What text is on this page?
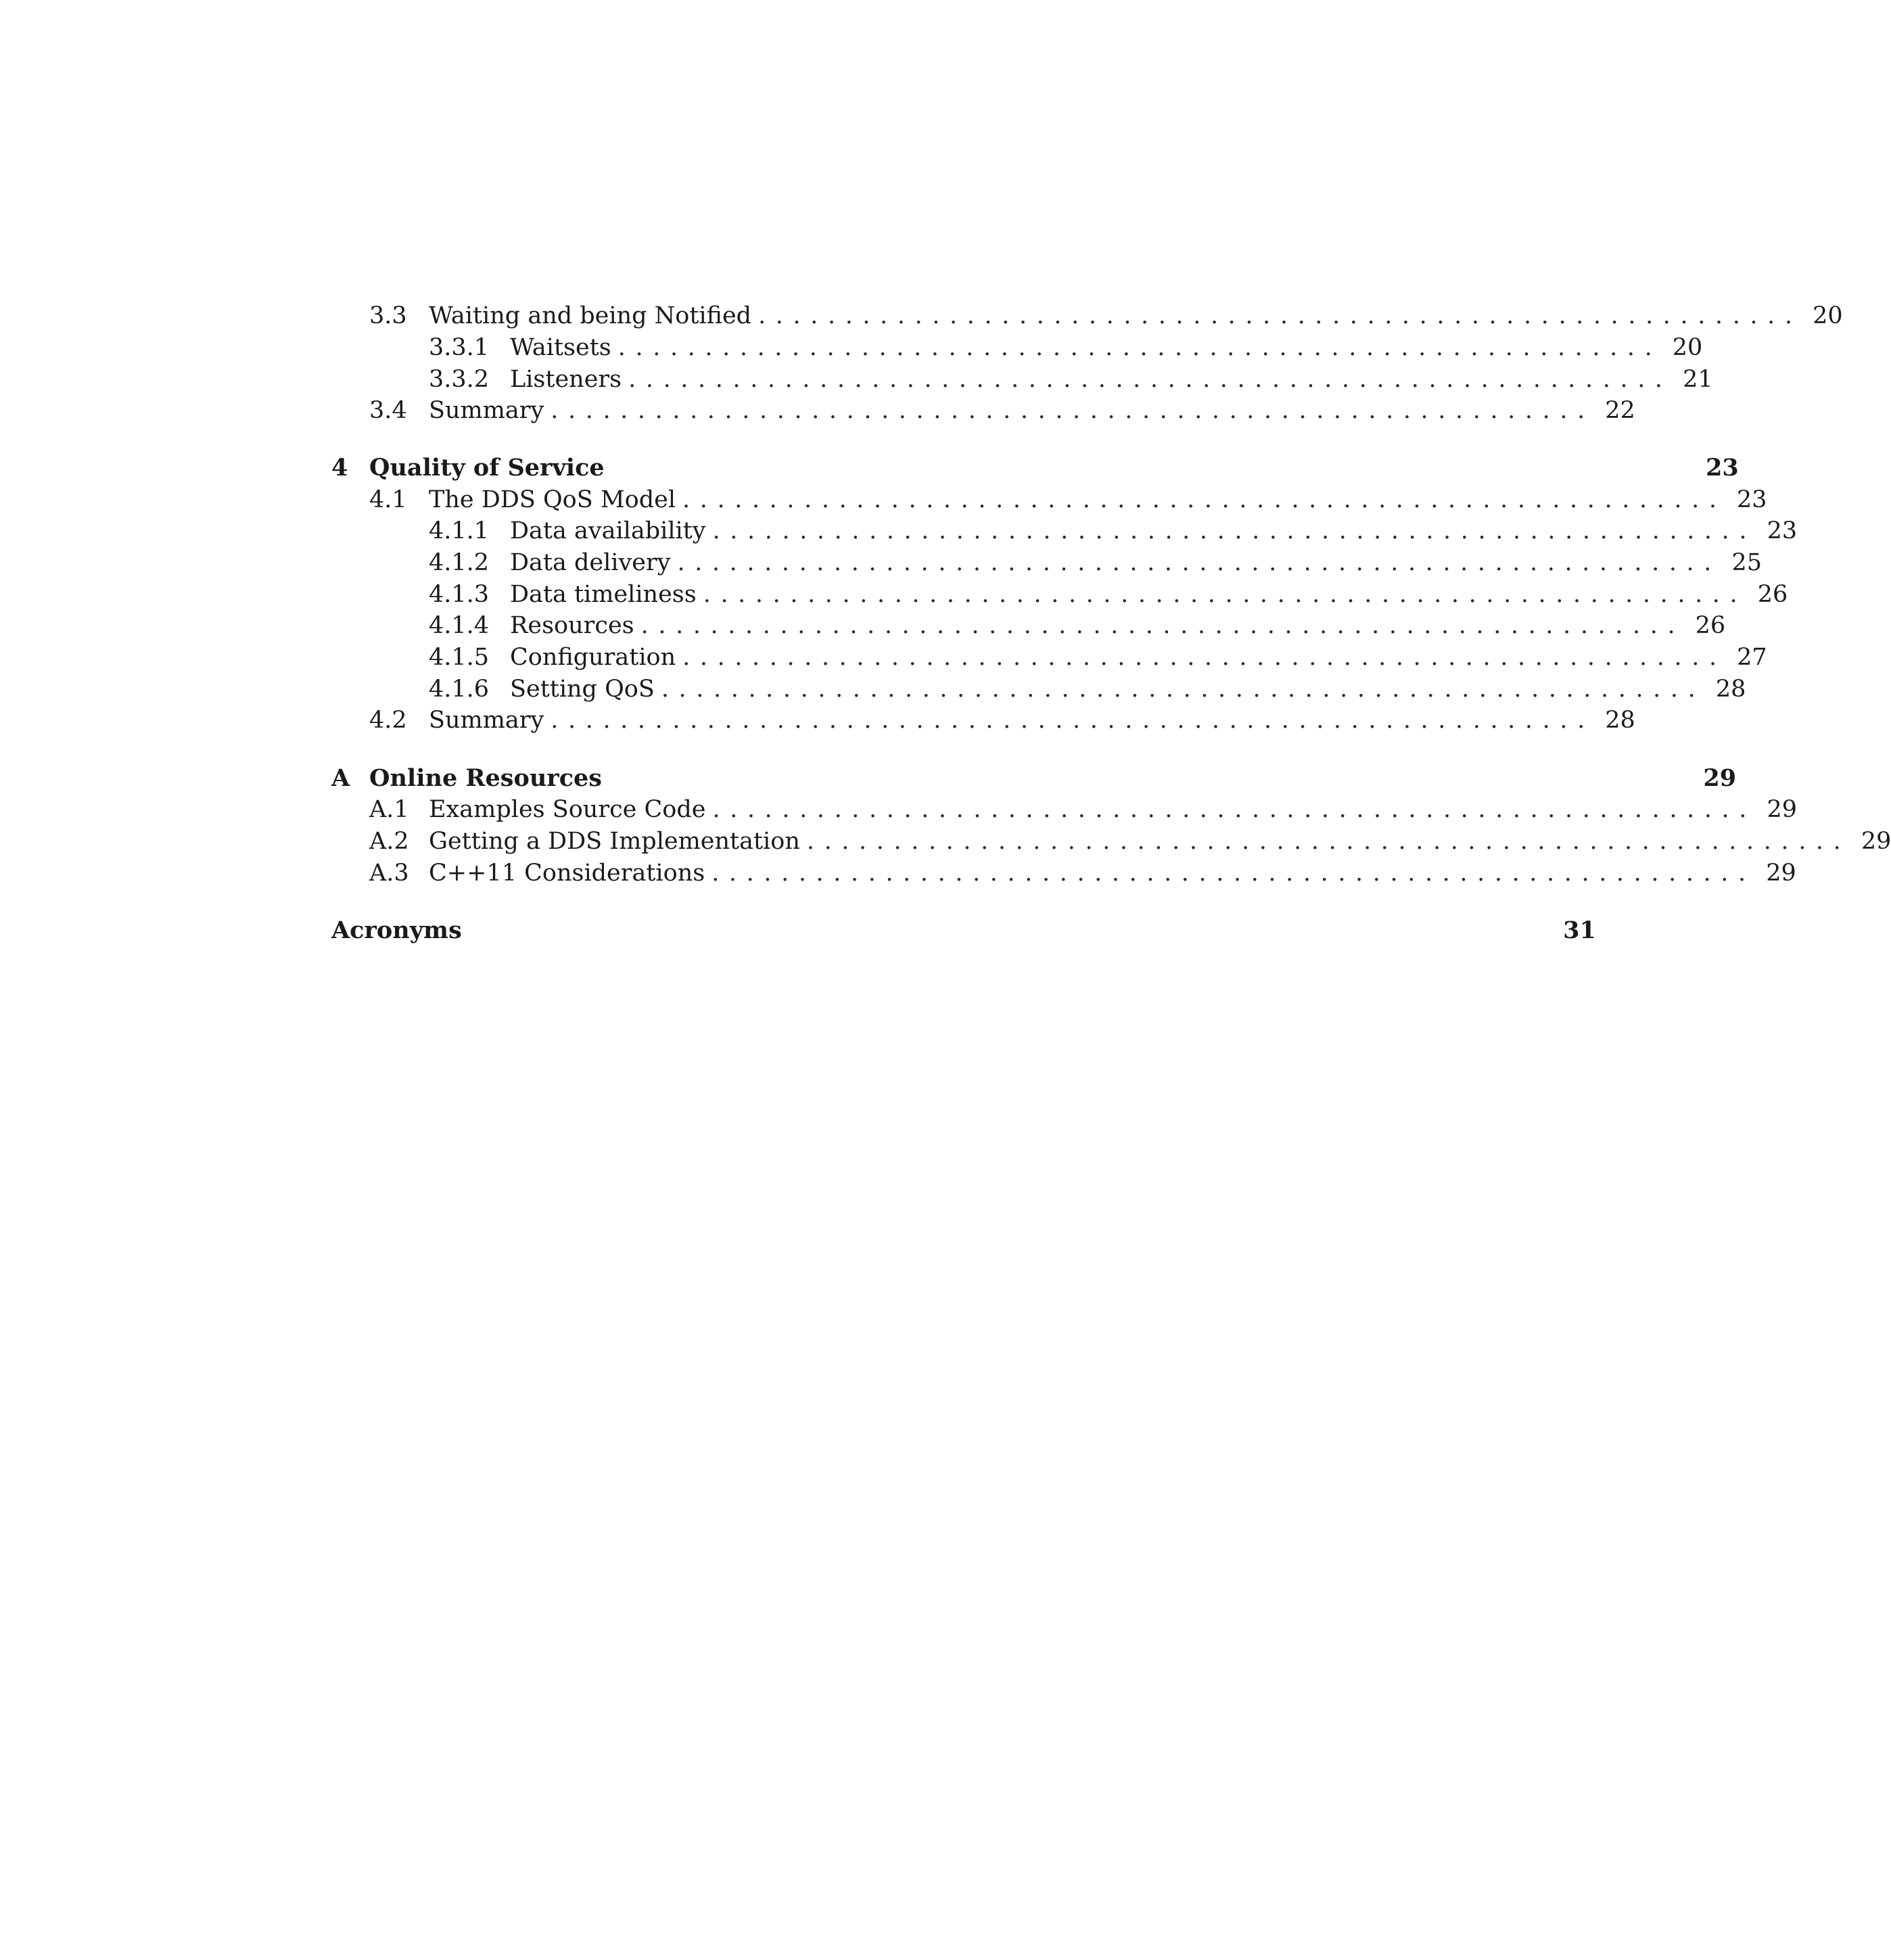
3.3 Waiting and being Notified ............................................................ 20
3.3.1 Waitsets ............................................................ 20
3.3.2 Listeners ............................................................ 21
3.4 Summary ............................................................ 22
4 Quality of Service	23
4.1 The DDS QoS Model ............................................................ 23
4.1.1 Data availability ............................................................ 23
4.1.2 Data delivery ............................................................ 25
4.1.3 Data timeliness ............................................................ 26
4.1.4 Resources ............................................................ 26
4.1.5 Configuration ............................................................ 27
4.1.6 Setting QoS ............................................................ 28
4.2 Summary ............................................................ 28
A Online Resources	29
A.1 Examples Source Code ............................................................ 29
A.2 Getting a DDS Implementation ............................................................ 29
A.3 C++11 Considerations ............................................................ 29
Acronyms	31
